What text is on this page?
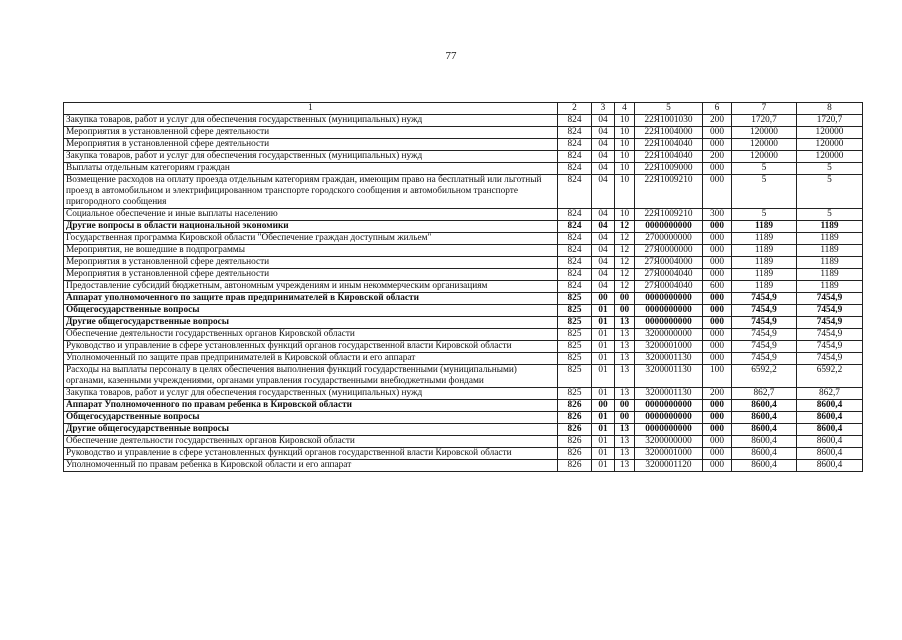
77
1	2	3	4	5	6	7	8
Закупка товаров, работ и услуг для обеспечения государственных (муниципальных) нужд	824	04	10	22Я1001030	200	1720,7	1720,7
Мероприятия в установленной сфере деятельности	824	04	10	22Я1004000	000	120000	120000
Мероприятия в установленной сфере деятельности	824	04	10	22Я1004040	000	120000	120000
Закупка товаров, работ и услуг для обеспечения государственных (муниципальных) нужд	824	04	10	22Я1004040	200	120000	120000
Выплаты отдельным категориям граждан	824	04	10	22Я1009000	000	5	5
Возмещение расходов на оплату проезда отдельным категориям граждан, имеющим право на бесплатный или льготный проезд в автомобильном и электрифицированном транспорте городского сообщения и автомобильном транспорте пригородного сообщения	824	04	10	22Я1009210	000	5	5
Социальное обеспечение и иные выплаты населению	824	04	10	22Я1009210	300	5	5
Другие вопросы в области национальной экономики	824	04	12	0000000000	000	1189	1189
Государственная программа Кировской области "Обеспечение граждан доступным жильем"	824	04	12	2700000000	000	1189	1189
Мероприятия, не вошедшие в подпрограммы	824	04	12	27Я0000000	000	1189	1189
Мероприятия в установленной сфере деятельности	824	04	12	27Я0004000	000	1189	1189
Мероприятия в установленной сфере деятельности	824	04	12	27Я0004040	000	1189	1189
Предоставление субсидий бюджетным, автономным учреждениям и иным некоммерческим организациям	824	04	12	27Я0004040	600	1189	1189
Аппарат уполномоченного по защите прав предпринимателей в Кировской области	825	00	00	0000000000	000	7454,9	7454,9
Общегосударственные вопросы	825	01	00	0000000000	000	7454,9	7454,9
Другие общегосударственные вопросы	825	01	13	0000000000	000	7454,9	7454,9
Обеспечение деятельности государственных органов Кировской области	825	01	13	3200000000	000	7454,9	7454,9
Руководство и управление в сфере установленных функций органов государственной власти Кировской области	825	01	13	3200001000	000	7454,9	7454,9
Уполномоченный по защите прав предпринимателей в Кировской области и его аппарат	825	01	13	3200001130	000	7454,9	7454,9
Расходы на выплаты персоналу в целях обеспечения выполнения функций государственными (муниципальными) органами, казенными учреждениями, органами управления государственными внебюджетными фондами	825	01	13	3200001130	100	6592,2	6592,2
Закупка товаров, работ и услуг для обеспечения государственных (муниципальных) нужд	825	01	13	3200001130	200	862,7	862,7
Аппарат Уполномоченного по правам ребенка в Кировской области	826	00	00	0000000000	000	8600,4	8600,4
Общегосударственные вопросы	826	01	00	0000000000	000	8600,4	8600,4
Другие общегосударственные вопросы	826	01	13	0000000000	000	8600,4	8600,4
Обеспечение деятельности государственных органов Кировской области	826	01	13	3200000000	000	8600,4	8600,4
Руководство и управление в сфере установленных функций органов государственной власти Кировской области	826	01	13	3200001000	000	8600,4	8600,4
Уполномоченный по правам ребенка в Кировской области и его аппарат	826	01	13	3200001120	000	8600,4	8600,4
